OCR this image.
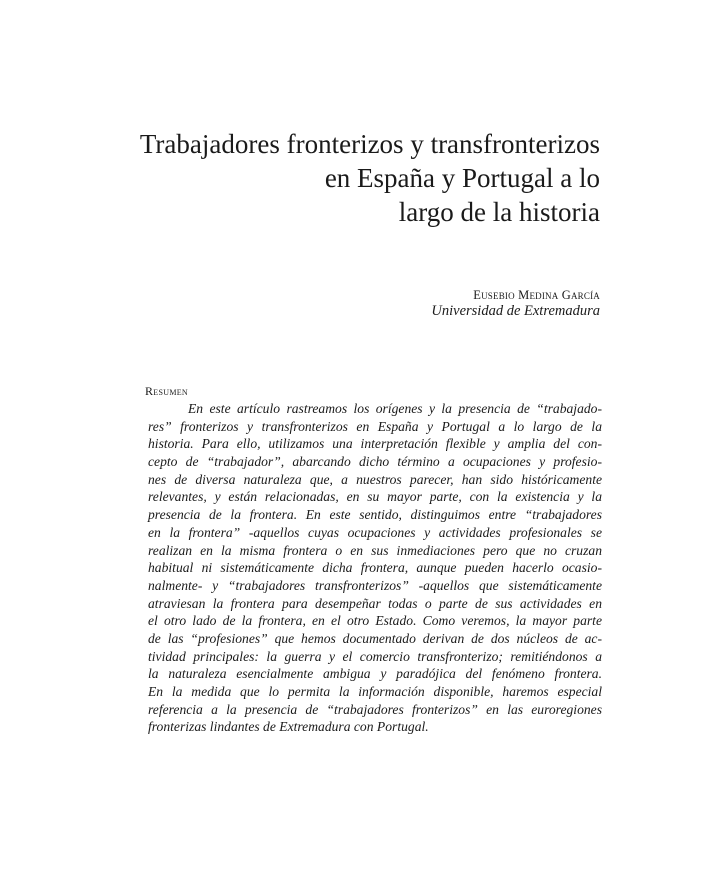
Trabajadores fronterizos y transfronterizos
en España y Portugal a lo
largo de la historia
Eusebio Medina García
Universidad de Extremadura
Resumen
En este artículo rastreamos los orígenes y la presencia de “trabajado-
res” fronterizos y transfronterizos en España y Portugal a lo largo de la
historia. Para ello, utilizamos una interpretación flexible y amplia del con-
cepto de “trabajador”, abarcando dicho término a ocupaciones y profesio-
nes de diversa naturaleza que, a nuestros parecer, han sido históricamente
relevantes, y están relacionadas, en su mayor parte, con la existencia y la
presencia de la frontera. En este sentido, distinguimos entre “trabajadores
en la frontera” -aquellos cuyas ocupaciones y actividades profesionales se
realizan en la misma frontera o en sus inmediaciones pero que no cruzan
habitual ni sistemáticamente dicha frontera, aunque pueden hacerlo ocasio-
nalmente- y “trabajadores transfronterizos” -aquellos que sistemáticamente
atraviesan la frontera para desempeñar todas o parte de sus actividades en
el otro lado de la frontera, en el otro Estado. Como veremos, la mayor parte
de las “profesiones” que hemos documentado derivan de dos núcleos de ac-
tividad principales: la guerra y el comercio transfronterizo; remitiéndonos a
la naturaleza esencialmente ambigua y paradójica del fenómeno frontera.
En la medida que lo permita la información disponible, haremos especial
referencia a la presencia de “trabajadores fronterizos” en las euroregiones
fronterizas lindantes de Extremadura con Portugal.
